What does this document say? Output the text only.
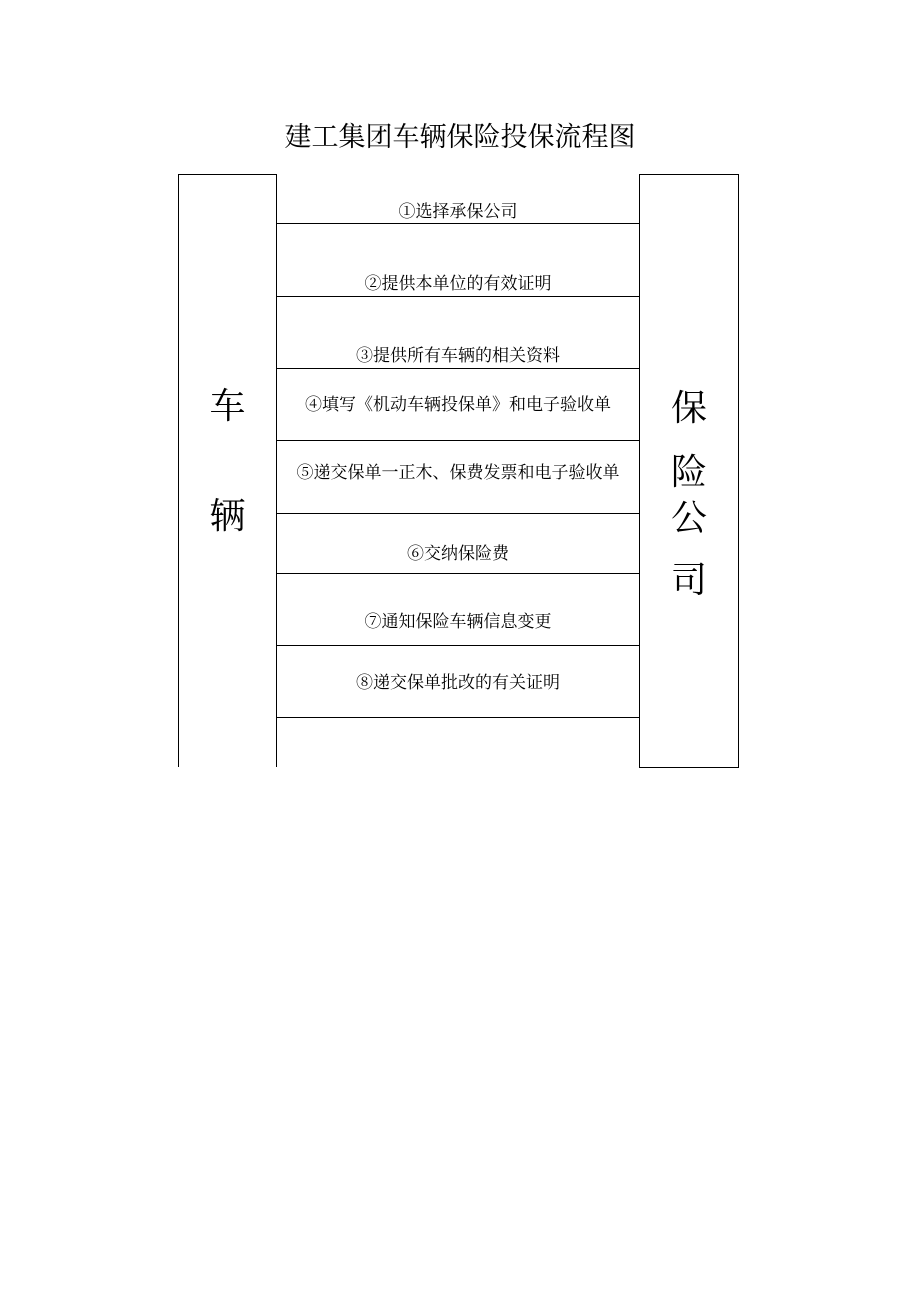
建工集团车辆保险投保流程图
车
辆
保
险
公
司
①选择承保公司
②提供本单位的有效证明
③提供所有车辆的相关资料
④填写《机动车辆投保单》和电子验收单
⑤递交保单一正木、保费发票和电子验收单
⑥交纳保险费
⑦通知保险车辆信息变更
⑧递交保单批改的有关证明
